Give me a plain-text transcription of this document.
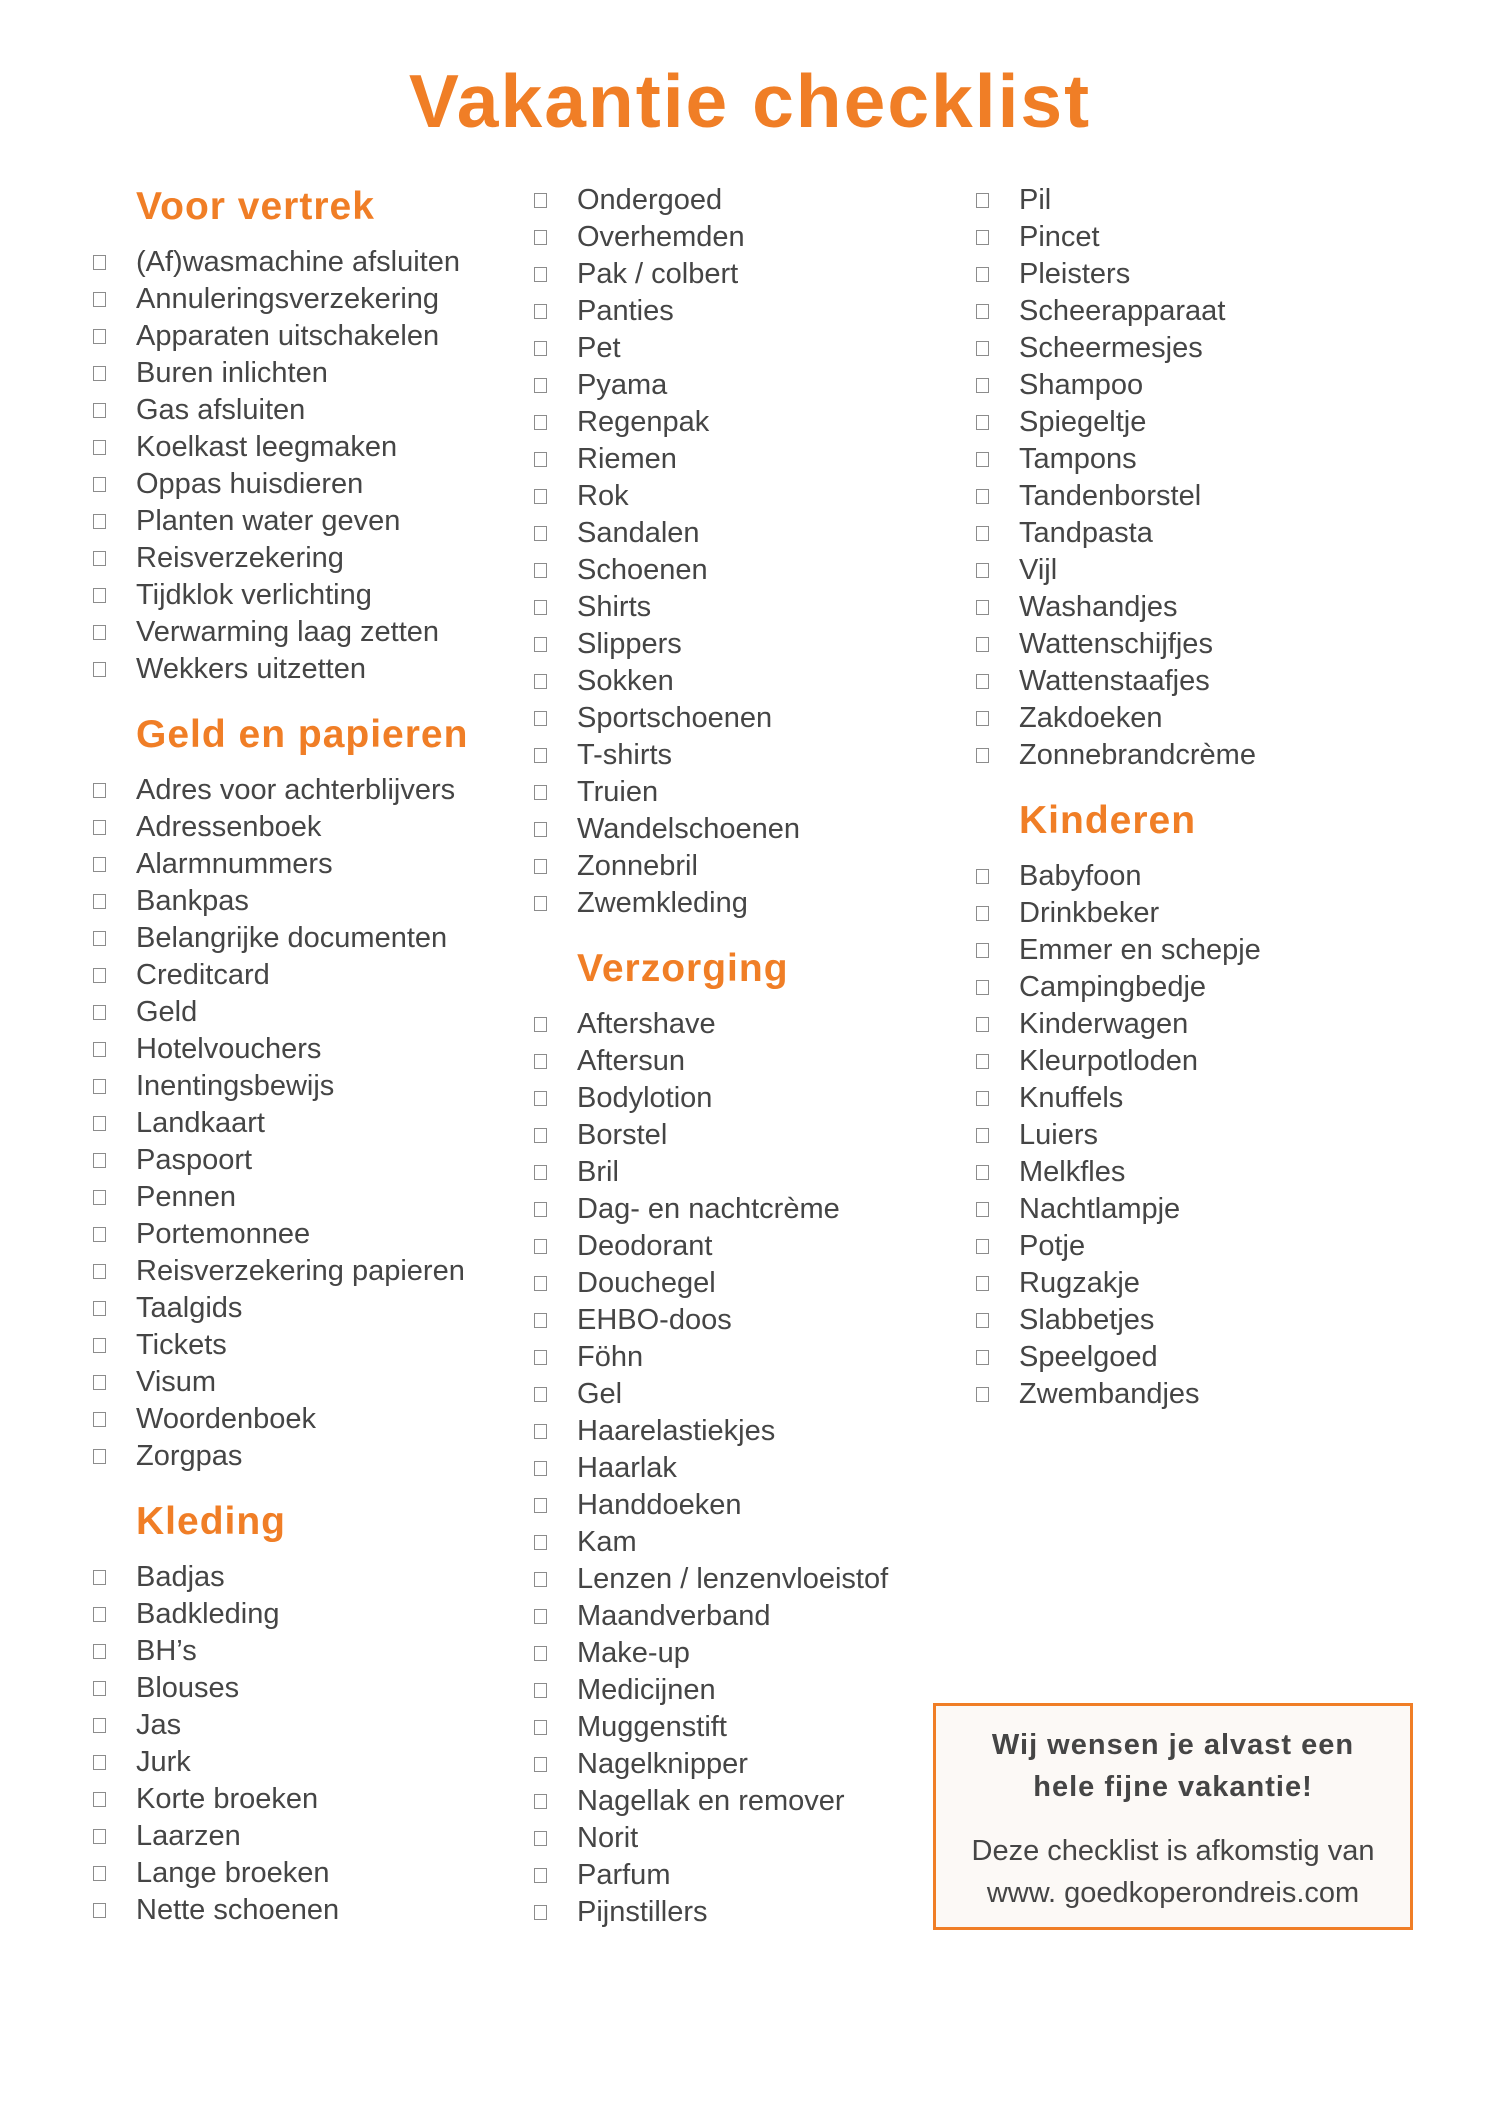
Vakantie checklist
Voor vertrek
(Af)wasmachine afsluiten
Annuleringsverzekering
Apparaten uitschakelen
Buren inlichten
Gas afsluiten
Koelkast leegmaken
Oppas huisdieren
Planten water geven
Reisverzekering
Tijdklok verlichting
Verwarming laag zetten
Wekkers uitzetten
Geld en papieren
Adres voor achterblijvers
Adressenboek
Alarmnummers
Bankpas
Belangrijke documenten
Creditcard
Geld
Hotelvouchers
Inentingsbewijs
Landkaart
Paspoort
Pennen
Portemonnee
Reisverzekering papieren
Taalgids
Tickets
Visum
Woordenboek
Zorgpas
Kleding
Badjas
Badkleding
BH’s
Blouses
Jas
Jurk
Korte broeken
Laarzen
Lange broeken
Nette schoenen
Ondergoed
Overhemden
Pak / colbert
Panties
Pet
Pyama
Regenpak
Riemen
Rok
Sandalen
Schoenen
Shirts
Slippers
Sokken
Sportschoenen
T-shirts
Truien
Wandelschoenen
Zonnebril
Zwemkleding
Verzorging
Aftershave
Aftersun
Bodylotion
Borstel
Bril
Dag- en nachtcrème
Deodorant
Douchegel
EHBO-doos
Föhn
Gel
Haarelastiekjes
Haarlak
Handdoeken
Kam
Lenzen / lenzenvloeistof
Maandverband
Make-up
Medicijnen
Muggenstift
Nagelknipper
Nagellak en remover
Norit
Parfum
Pijnstillers
Pil
Pincet
Pleisters
Scheerapparaat
Scheermesjes
Shampoo
Spiegeltje
Tampons
Tandenborstel
Tandpasta
Vijl
Washandjes
Wattenschijfjes
Wattenstaafjes
Zakdoeken
Zonnebrandcrème
Kinderen
Babyfoon
Drinkbeker
Emmer en schepje
Campingbedje
Kinderwagen
Kleurpotloden
Knuffels
Luiers
Melkfles
Nachtlampje
Potje
Rugzakje
Slabbetjes
Speelgoed
Zwembandjes
Wij wensen je alvast een
hele fijne vakantie!
Deze checklist is afkomstig van
www. goedkoperondreis.com
